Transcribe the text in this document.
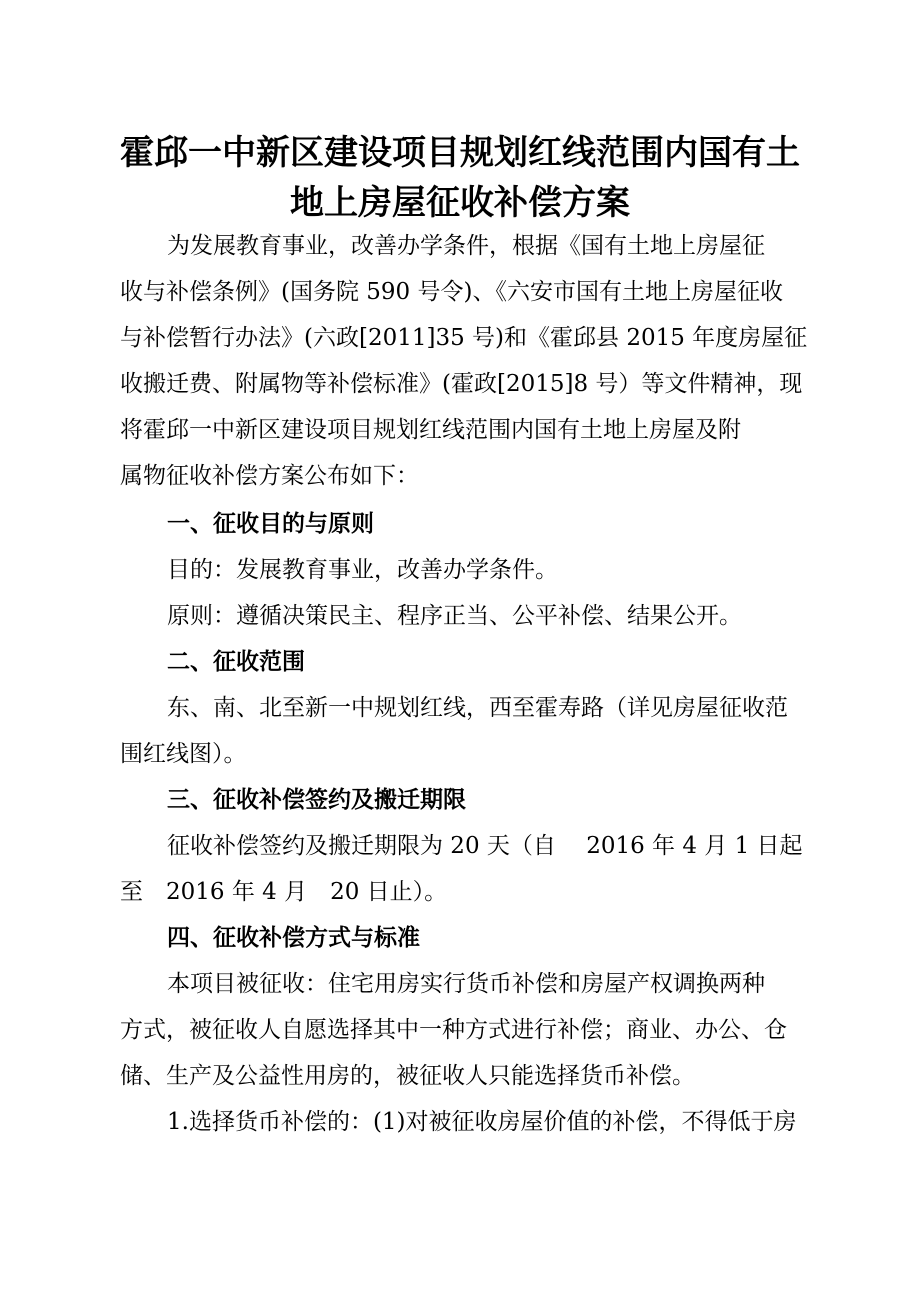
霍邱一中新区建设项目规划红线范围内国有土
地上房屋征收补偿方案
为发展教育事业，改善办学条件，根据《国有土地上房屋征
收与补偿条例》(国务院 590 号令)、《六安市国有土地上房屋征收
与补偿暂行办法》(六政[2011]35 号)和《霍邱县 2015 年度房屋征
收搬迁费、附属物等补偿标准》(霍政[2015]8 号）等文件精神，现
将霍邱一中新区建设项目规划红线范围内国有土地上房屋及附
属物征收补偿方案公布如下：
一、征收目的与原则
目的：发展教育事业，改善办学条件。
原则：遵循决策民主、程序正当、公平补偿、结果公开。
二、征收范围
东、南、北至新一中规划红线，西至霍寿路（详见房屋征收范
围红线图）。
三、征收补偿签约及搬迁期限
征收补偿签约及搬迁期限为 20 天（自　 2016 年 4 月 1 日起
至　2016 年 4 月　20 日止）。
四、征收补偿方式与标准
本项目被征收：住宅用房实行货币补偿和房屋产权调换两种
方式，被征收人自愿选择其中一种方式进行补偿；商业、办公、仓
储、生产及公益性用房的，被征收人只能选择货币补偿。
1.选择货币补偿的：(1)对被征收房屋价值的补偿，不得低于房
